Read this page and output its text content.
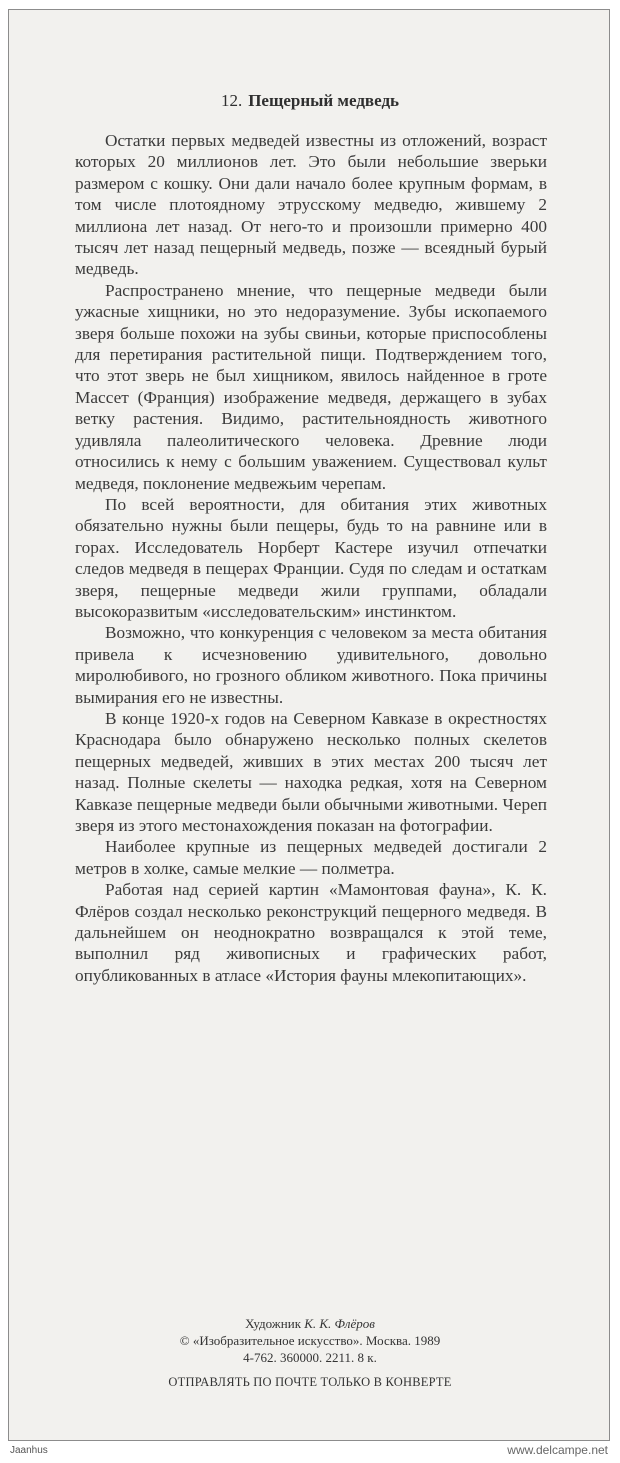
12. Пещерный медведь

Остатки первых медведей известны из отложений, возраст которых 20 миллионов лет. Это были небольшие зверьки размером с кошку. Они дали начало более крупным формам, в том числе плотоядному этрусскому медведю, жившему 2 миллиона лет назад. От него-то и произошли примерно 400 тысяч лет назад пещерный медведь, позже — всеядный бурый медведь.

Распространено мнение, что пещерные медведи были ужасные хищники, но это недоразумение. Зубы ископаемого зверя больше похожи на зубы свиньи, которые приспособлены для перетирания растительной пищи. Подтверждением того, что этот зверь не был хищником, явилось найденное в гроте Массет (Франция) изображение медведя, держащего в зубах ветку растения. Видимо, растительноядность животного удивляла палеолитического человека. Древние люди относились к нему с большим уважением. Существовал культ медведя, поклонение медвежьим черепам.

По всей вероятности, для обитания этих животных обязательно нужны были пещеры, будь то на равнине или в горах. Исследователь Норберт Кастере изучил отпечатки следов медведя в пещерах Франции. Судя по следам и остаткам зверя, пещерные медведи жили группами, обладали высокоразвитым «исследовательским» инстинктом.

Возможно, что конкуренция с человеком за места обитания привела к исчезновению удивительного, довольно миролюбивого, но грозного обликом животного. Пока причины вымирания его не известны.

В конце 1920-х годов на Северном Кавказе в окрестностях Краснодара было обнаружено несколько полных скелетов пещерных медведей, живших в этих местах 200 тысяч лет назад. Полные скелеты — находка редкая, хотя на Северном Кавказе пещерные медведи были обычными животными. Череп зверя из этого местонахождения показан на фотографии.

Наиболее крупные из пещерных медведей достигали 2 метров в холке, самые мелкие — полметра.

Работая над серией картин «Мамонтовая фауна», К. К. Флёров создал несколько реконструкций пещерного медведя. В дальнейшем он неоднократно возвращался к этой теме, выполнил ряд живописных и графических работ, опубликованных в атласе «История фауны млекопитающих».

Художник К. К. Флёров
© «Изобразительное искусство». Москва. 1989
4-762. 360000. 2211. 8 к.
ОТПРАВЛЯТЬ ПО ПОЧТЕ ТОЛЬКО В КОНВЕРТЕ
Jaanhus	www.delcampe.net
